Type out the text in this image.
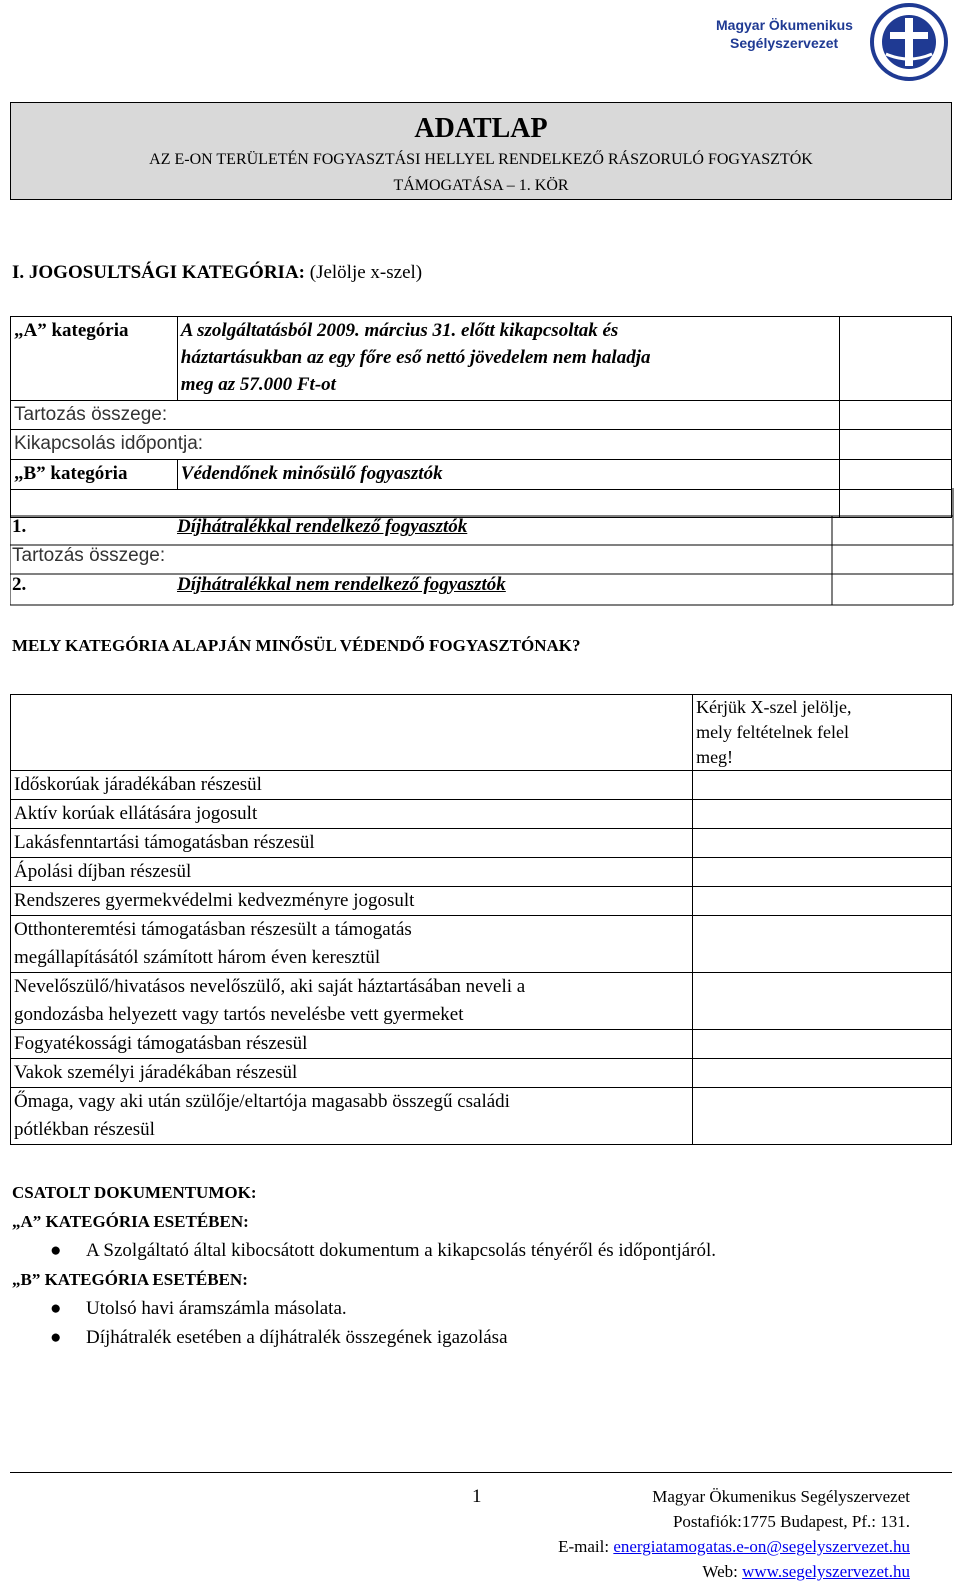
Magyar Ökumenikus
Segélyszervezet
ADATLAP
AZ E-ON TERÜLETÉN FOGYASZTÁSI HELLYEL RENDELKEZŐ RÁSZORULÓ FOGYASZTÓK
TÁMOGATÁSA – 1. KÖR
I. JOGOSULTSÁGI KATEGÓRIA: (Jelölje x-szel)
„A” kategória	A szolgáltatásból 2009. március 31. előtt kikapcsoltak és
háztartásukban az egy főre eső nettó jövedelem nem haladja
meg az 57.000 Ft-ot	

Tartozás összege:		
Kikapcsolás időpontja:		
„B” kategória	Védendőnek minősülő fogyasztók	

1.	Díjhátralékkal rendelkező fogyasztók
Tartozás összege:
2.	Díjhátralékkal nem rendelkező fogyasztók
MELY KATEGÓRIA ALAPJÁN MINŐSÜL VÉDENDŐ FOGYASZTÓNAK?

	Kérjük X-szel jelölje,
mely feltételnek felel
meg!

Időskorúak járadékában részesül	
Aktív korúak ellátására jogosult	
Lakásfenntartási támogatásban részesül	
Ápolási díjban részesül	
Rendszeres gyermekvédelmi kedvezményre jogosult	

Otthonteremtési támogatásban részesült a támogatás
megállapításától számított három éven keresztül	

Nevelőszülő/hivatásos nevelőszülő, aki saját háztartásában neveli a
gondozásba helyezett vagy tartós nevelésbe vett gyermeket	

Fogyatékossági támogatásban részesül	
Vakok személyi járadékában részesül	

Őmaga, vagy aki után szülője/eltartója magasabb összegű családi
pótlékban részesül	

CSATOLT DOKUMENTUMOK:
„A” KATEGÓRIA ESETÉBEN:
● A Szolgáltató által kibocsátott dokumentum a kikapcsolás tényéről és időpontjáról.
„B” KATEGÓRIA ESETÉBEN:
● Utolsó havi áramszámla másolata.
● Díjhátralék esetében a díjhátralék összegének igazolása
1	Magyar Ökumenikus Segélyszervezet
Postafiók:1775 Budapest, Pf.: 131.
E-mail: energiatamogatas.e-on@segelyszervezet.hu
Web: www.segelyszervezet.hu
